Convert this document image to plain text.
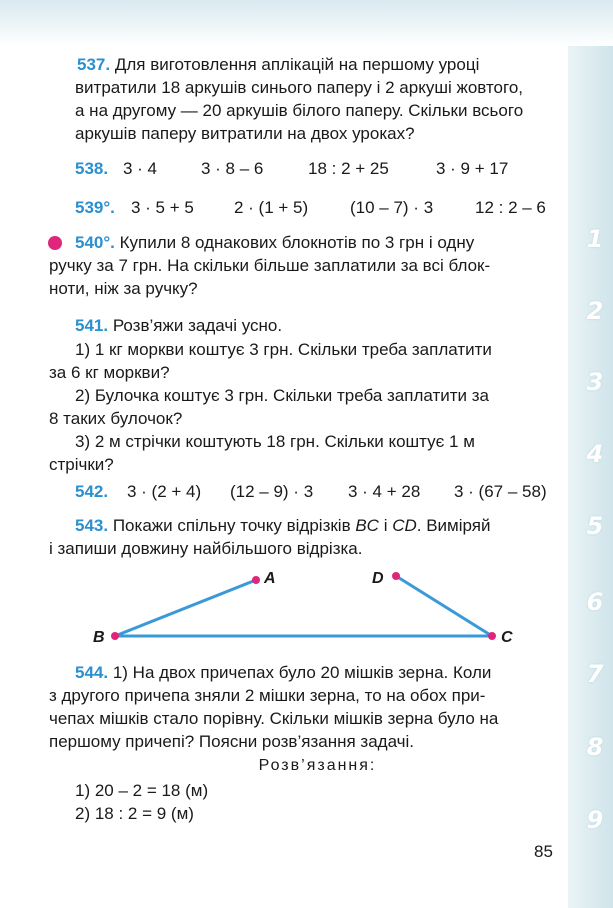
1
2
3
4
5
6
7
8
9
537. Для виготовлення аплікацій на першому уроці
витратили 18 аркушів синього паперу і 2 аркуші жовтого,
а на другому — 20 аркушів білого паперу. Скільки всього
аркушів паперу витратили на двох уроках?
538. 3 · 4	3 · 8 – 6	18 : 2 + 25	3 · 9 + 17
539°. 3 · 5 + 5 2 · (1 + 5) (10 – 7) · 3 12 : 2 – 6
540°. Купили 8 однакових блокнотів по 3 грн і одну
ручку за 7 грн. На скільки більше заплатили за всі блок-
ноти, ніж за ручку?
541. Розв’яжи задачі усно.
1) 1 кг моркви коштує 3 грн. Скільки треба заплатити
за 6 кг моркви?
2) Булочка коштує 3 грн. Скільки треба заплатити за
8 таких булочок?
3) 2 м стрічки коштують 18 грн. Скільки коштує 1 м
стрічки?
542. 3 · (2 + 4) (12 – 9) · 3 3 · 4 + 28 3 · (67 – 58)
543. Покажи спільну точку відрізків BC і CD. Виміряй
і запиши довжину найбільшого відрізка.
A
B	C
D
544. 1) На двох причепах було 20 мішків зерна. Коли
з другого причепа зняли 2 мішки зерна, то на обох при-
чепах мішків стало порівну. Скільки мішків зерна було на
першому причепі? Поясни розв’язання задачі.
Розв’язання:
1) 20 – 2 = 18 (м)
2) 18 : 2 = 9 (м)
85
